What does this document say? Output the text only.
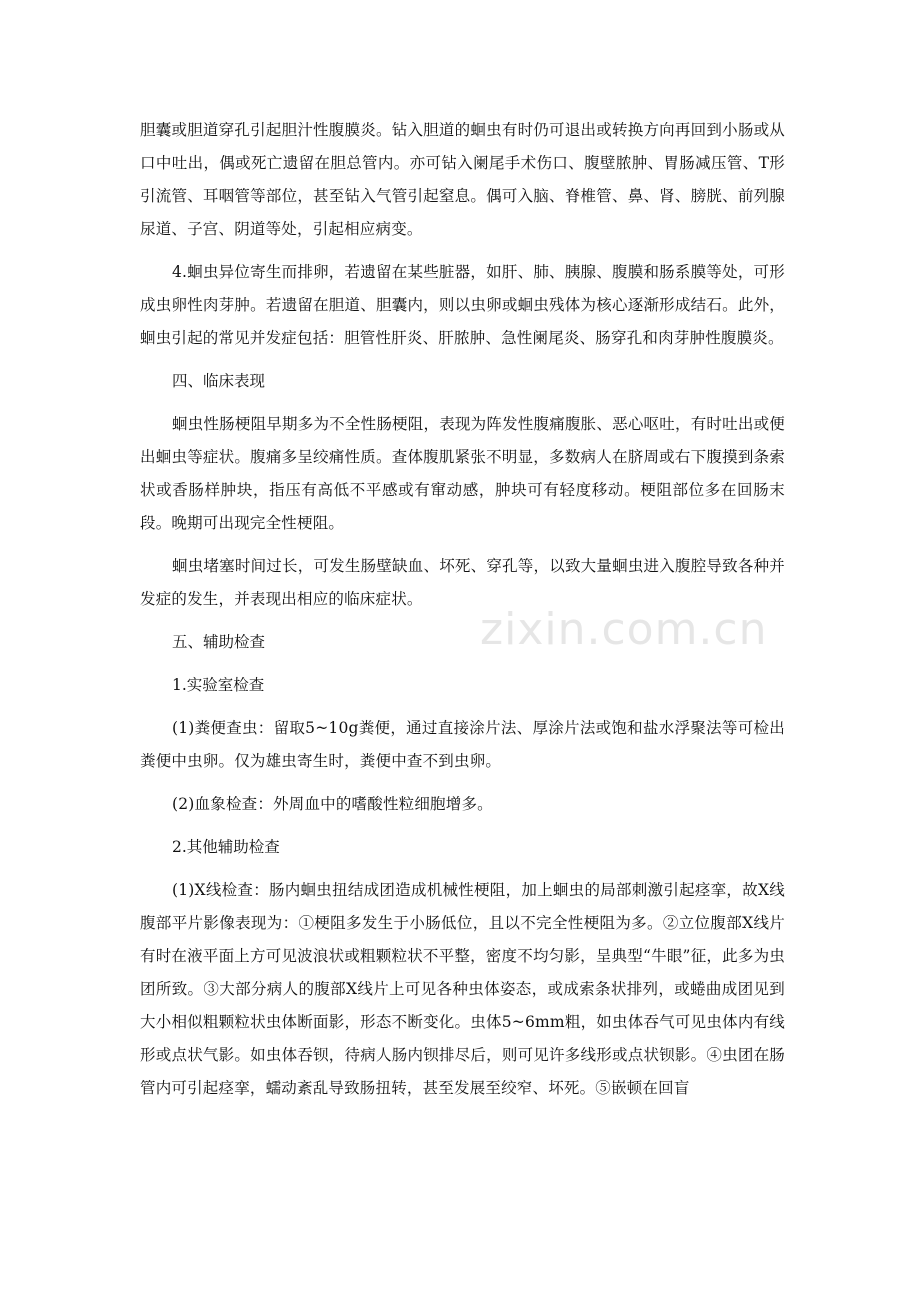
胆囊或胆道穿孔引起胆汁性腹膜炎。钻入胆道的蛔虫有时仍可退出或转换方向再回到小肠或从口中吐出，偶或死亡遗留在胆总管内。亦可钻入阑尾手术伤口、腹壁脓肿、胃肠减压管、T形引流管、耳咽管等部位，甚至钻入气管引起窒息。偶可入脑、脊椎管、鼻、肾、膀胱、前列腺尿道、子宫、阴道等处，引起相应病变。

4.蛔虫异位寄生而排卵，若遗留在某些脏器，如肝、肺、胰腺、腹膜和肠系膜等处，可形成虫卵性肉芽肿。若遗留在胆道、胆囊内，则以虫卵或蛔虫残体为核心逐渐形成结石。此外，蛔虫引起的常见并发症包括：胆管性肝炎、肝脓肿、急性阑尾炎、肠穿孔和肉芽肿性腹膜炎。

四、临床表现

蛔虫性肠梗阻早期多为不全性肠梗阻，表现为阵发性腹痛腹胀、恶心呕吐，有时吐出或便出蛔虫等症状。腹痛多呈绞痛性质。查体腹肌紧张不明显，多数病人在脐周或右下腹摸到条索状或香肠样肿块，指压有高低不平感或有窜动感，肿块可有轻度移动。梗阻部位多在回肠末段。晚期可出现完全性梗阻。

蛔虫堵塞时间过长，可发生肠壁缺血、坏死、穿孔等，以致大量蛔虫进入腹腔导致各种并发症的发生，并表现出相应的临床症状。

五、辅助检查

1.实验室检查

(1)粪便查虫：留取5~10g粪便，通过直接涂片法、厚涂片法或饱和盐水浮聚法等可检出粪便中虫卵。仅为雄虫寄生时，粪便中查不到虫卵。

(2)血象检查：外周血中的嗜酸性粒细胞增多。

2.其他辅助检查

(1)X线检查：肠内蛔虫扭结成团造成机械性梗阻，加上蛔虫的局部刺激引起痉挛，故X线腹部平片影像表现为：①梗阻多发生于小肠低位，且以不完全性梗阻为多。②立位腹部X线片有时在液平面上方可见波浪状或粗颗粒状不平整，密度不均匀影，呈典型“牛眼”征，此多为虫团所致。③大部分病人的腹部X线片上可见各种虫体姿态，或成索条状排列，或蜷曲成团见到大小相似粗颗粒状虫体断面影，形态不断变化。虫体5~6mm粗，如虫体吞气可见虫体内有线形或点状气影。如虫体吞钡，待病人肠内钡排尽后，则可见许多线形或点状钡影。④虫团在肠管内可引起痉挛，蠕动紊乱导致肠扭转，甚至发展至绞窄、坏死。⑤嵌顿在回盲

zixin.com.cn
